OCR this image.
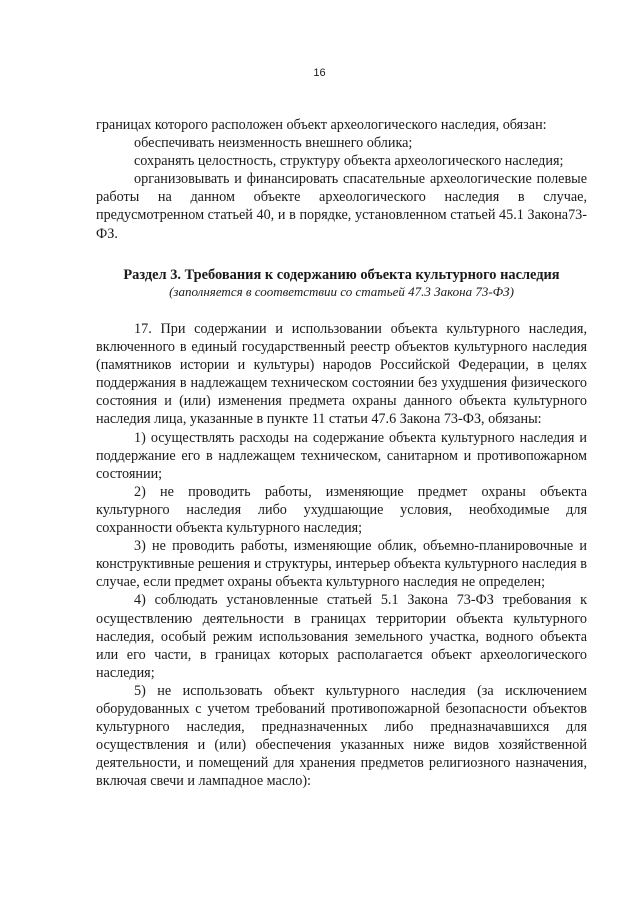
16

границах которого расположен объект археологического наследия, обязан:

обеспечивать неизменность внешнего облика;

сохранять целостность, структуру объекта археологического наследия;

организовывать и финансировать спасательные археологические полевые работы на данном объекте археологического наследия в случае, предусмотренном статьей 40, и в порядке, установленном статьей 45.1 Закона73-ФЗ.

Раздел 3. Требования к содержанию объекта культурного наследия

(заполняется в соответствии со статьей 47.3 Закона 73-ФЗ)

17. При содержании и использовании объекта культурного наследия, включенного в единый государственный реестр объектов культурного наследия (памятников истории и культуры) народов Российской Федерации, в целях поддержания в надлежащем техническом состоянии без ухудшения физического состояния и (или) изменения предмета охраны данного объекта культурного наследия лица, указанные в пункте 11 статьи 47.6 Закона 73-ФЗ, обязаны:

1) осуществлять расходы на содержание объекта культурного наследия и поддержание его в надлежащем техническом, санитарном и противопожарном состоянии;

2) не проводить работы, изменяющие предмет охраны объекта культурного наследия либо ухудшающие условия, необходимые для сохранности объекта культурного наследия;

3) не проводить работы, изменяющие облик, объемно-планировочные и конструктивные решения и структуры, интерьер объекта культурного наследия в случае, если предмет охраны объекта культурного наследия не определен;

4) соблюдать установленные статьей 5.1 Закона 73-ФЗ требования к осуществлению деятельности в границах территории объекта культурного наследия, особый режим использования земельного участка, водного объекта или его части, в границах которых располагается объект археологического наследия;

5) не использовать объект культурного наследия (за исключением оборудованных с учетом требований противопожарной безопасности объектов культурного наследия, предназначенных либо предназначавшихся для осуществления и (или) обеспечения указанных ниже видов хозяйственной деятельности, и помещений для хранения предметов религиозного назначения, включая свечи и лампадное масло):
